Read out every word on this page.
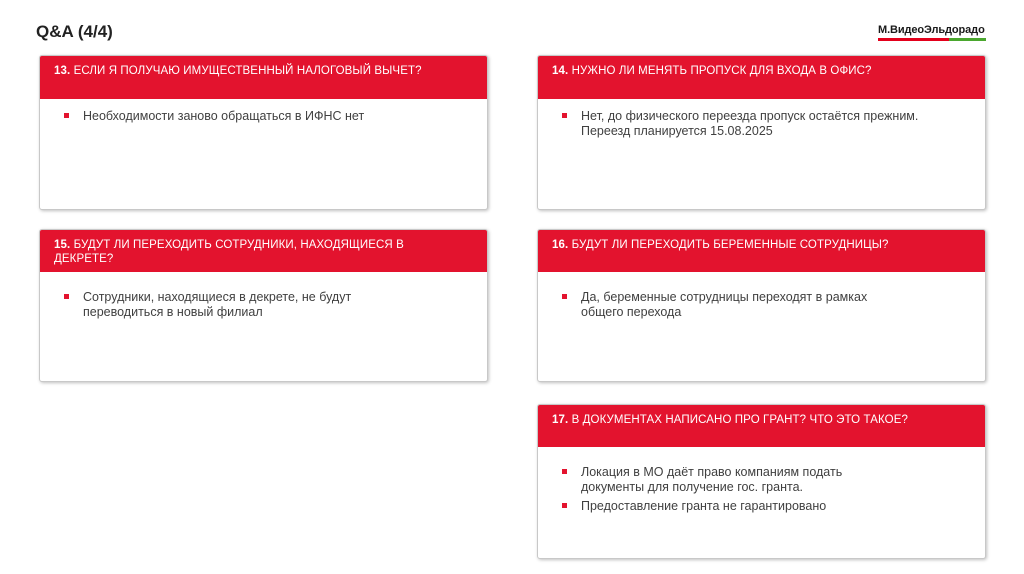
Q&A (4/4)	М.ВидеоЭльдорадо
13. ЕСЛИ Я ПОЛУЧАЮ ИМУЩЕСТВЕННЫЙ НАЛОГОВЫЙ ВЫЧЕТ?
Необходимости заново обращаться в ИФНС нет
14. НУЖНО ЛИ МЕНЯТЬ ПРОПУСК ДЛЯ ВХОДА В ОФИС?
Нет, до физического переезда пропуск остаётся прежним. Переезд планируется 15.08.2025
15. БУДУТ ЛИ ПЕРЕХОДИТЬ СОТРУДНИКИ, НАХОДЯЩИЕСЯ В ДЕКРЕТЕ?
Сотрудники, находящиеся в декрете, не будут переводиться в новый филиал
16. БУДУТ ЛИ ПЕРЕХОДИТЬ БЕРЕМЕННЫЕ СОТРУДНИЦЫ?
Да, беременные сотрудницы переходят в рамках общего перехода
17. В ДОКУМЕНТАХ НАПИСАНО ПРО ГРАНТ? ЧТО ЭТО ТАКОЕ?
Локация в МО даёт право компаниям подать документы для получение гос. гранта.
Предоставление гранта не гарантировано
